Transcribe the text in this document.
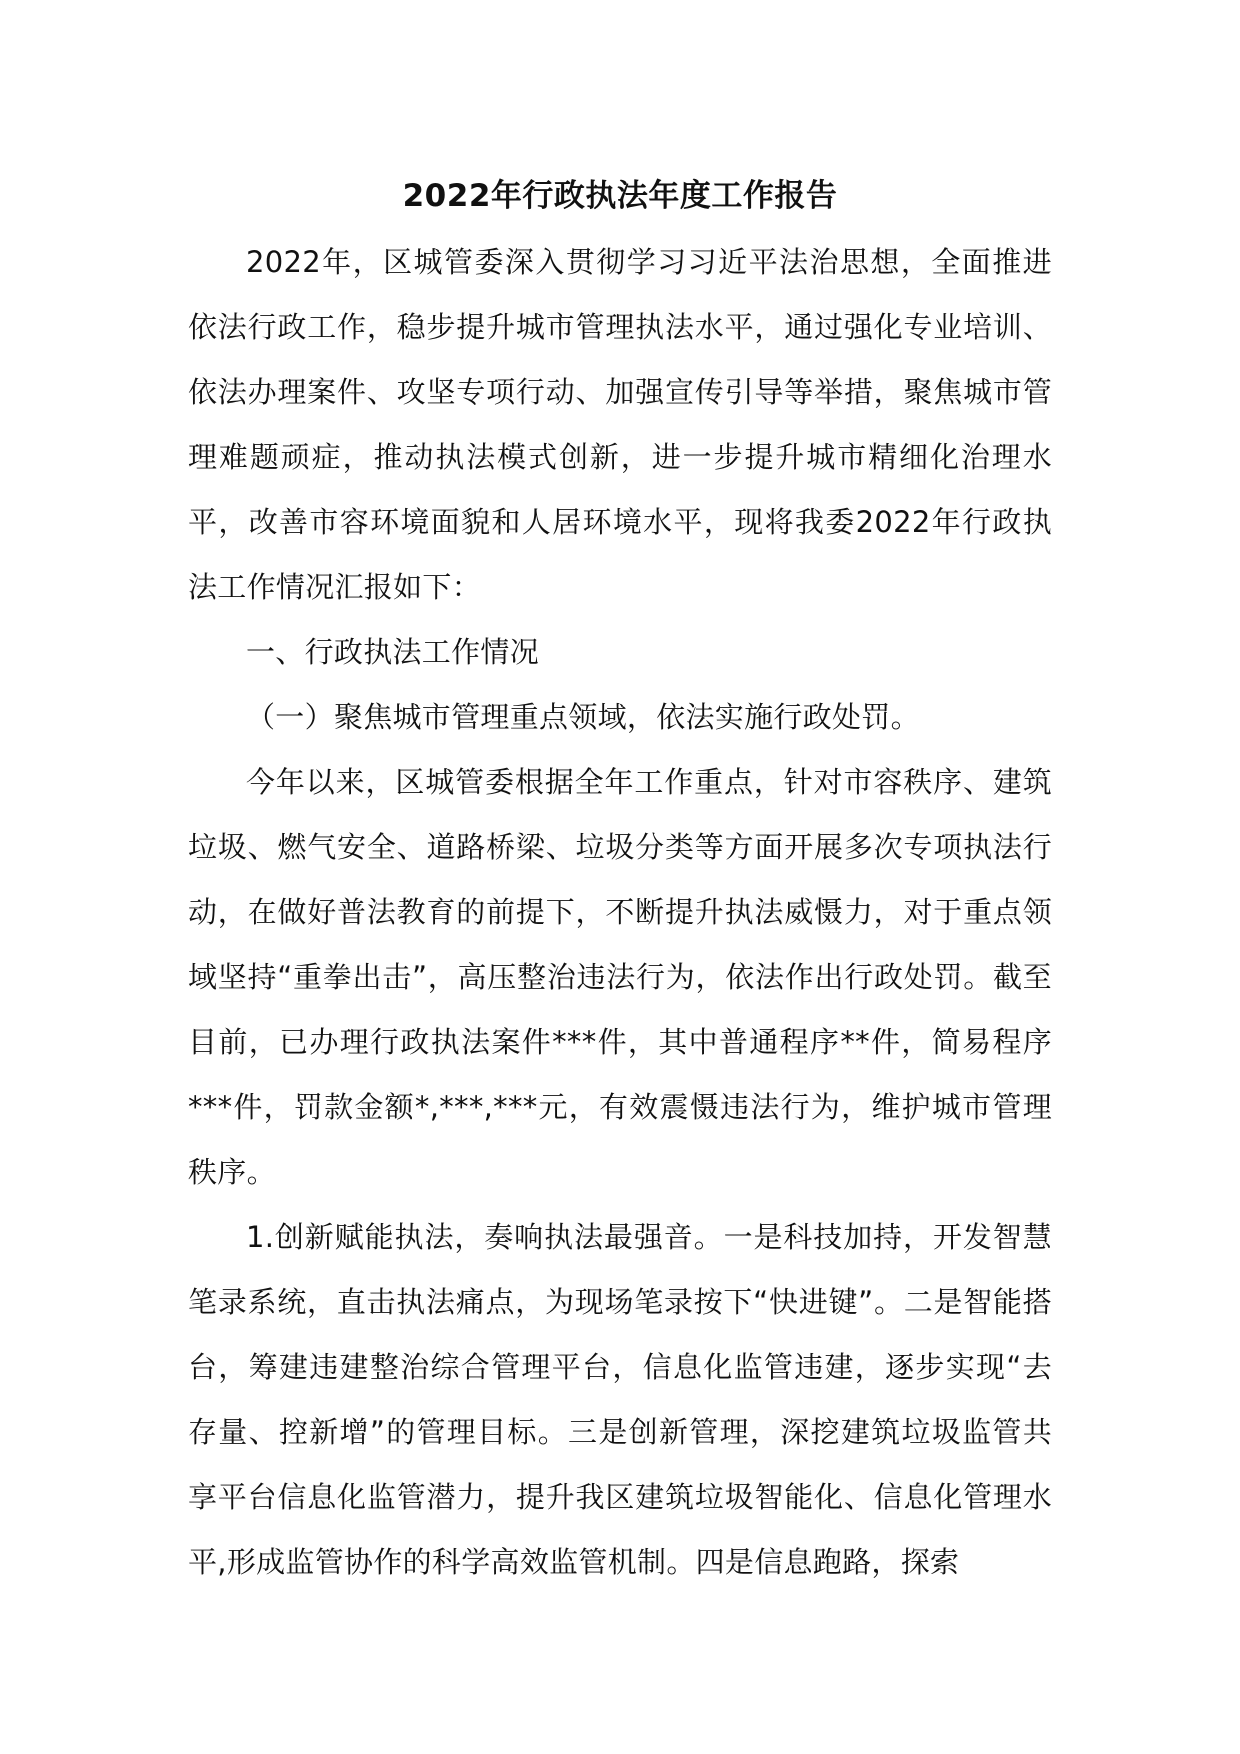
2022年行政执法年度工作报告

2022年，区城管委深入贯彻学习习近平法治思想，全面推进依法行政工作，稳步提升城市管理执法水平，通过强化专业培训、依法办理案件、攻坚专项行动、加强宣传引导等举措，聚焦城市管理难题顽症，推动执法模式创新，进一步提升城市精细化治理水平，改善市容环境面貌和人居环境水平，现将我委2022年行政执法工作情况汇报如下：

一、行政执法工作情况

（一）聚焦城市管理重点领域，依法实施行政处罚。

今年以来，区城管委根据全年工作重点，针对市容秩序、建筑垃圾、燃气安全、道路桥梁、垃圾分类等方面开展多次专项执法行动，在做好普法教育的前提下，不断提升执法威慑力，对于重点领域坚持“重拳出击”，高压整治违法行为，依法作出行政处罚。截至目前，已办理行政执法案件***件，其中普通程序**件，简易程序***件，罚款金额*,***,***元，有效震慑违法行为，维护城市管理秩序。

1.创新赋能执法，奏响执法最强音。一是科技加持，开发智慧笔录系统，直击执法痛点，为现场笔录按下“快进键”。二是智能搭台，筹建违建整治综合管理平台，信息化监管违建，逐步实现“去存量、控新增”的管理目标。三是创新管理，深挖建筑垃圾监管共享平台信息化监管潜力，提升我区建筑垃圾智能化、信息化管理水平,形成监管协作的科学高效监管机制。四是信息跑路，探索
